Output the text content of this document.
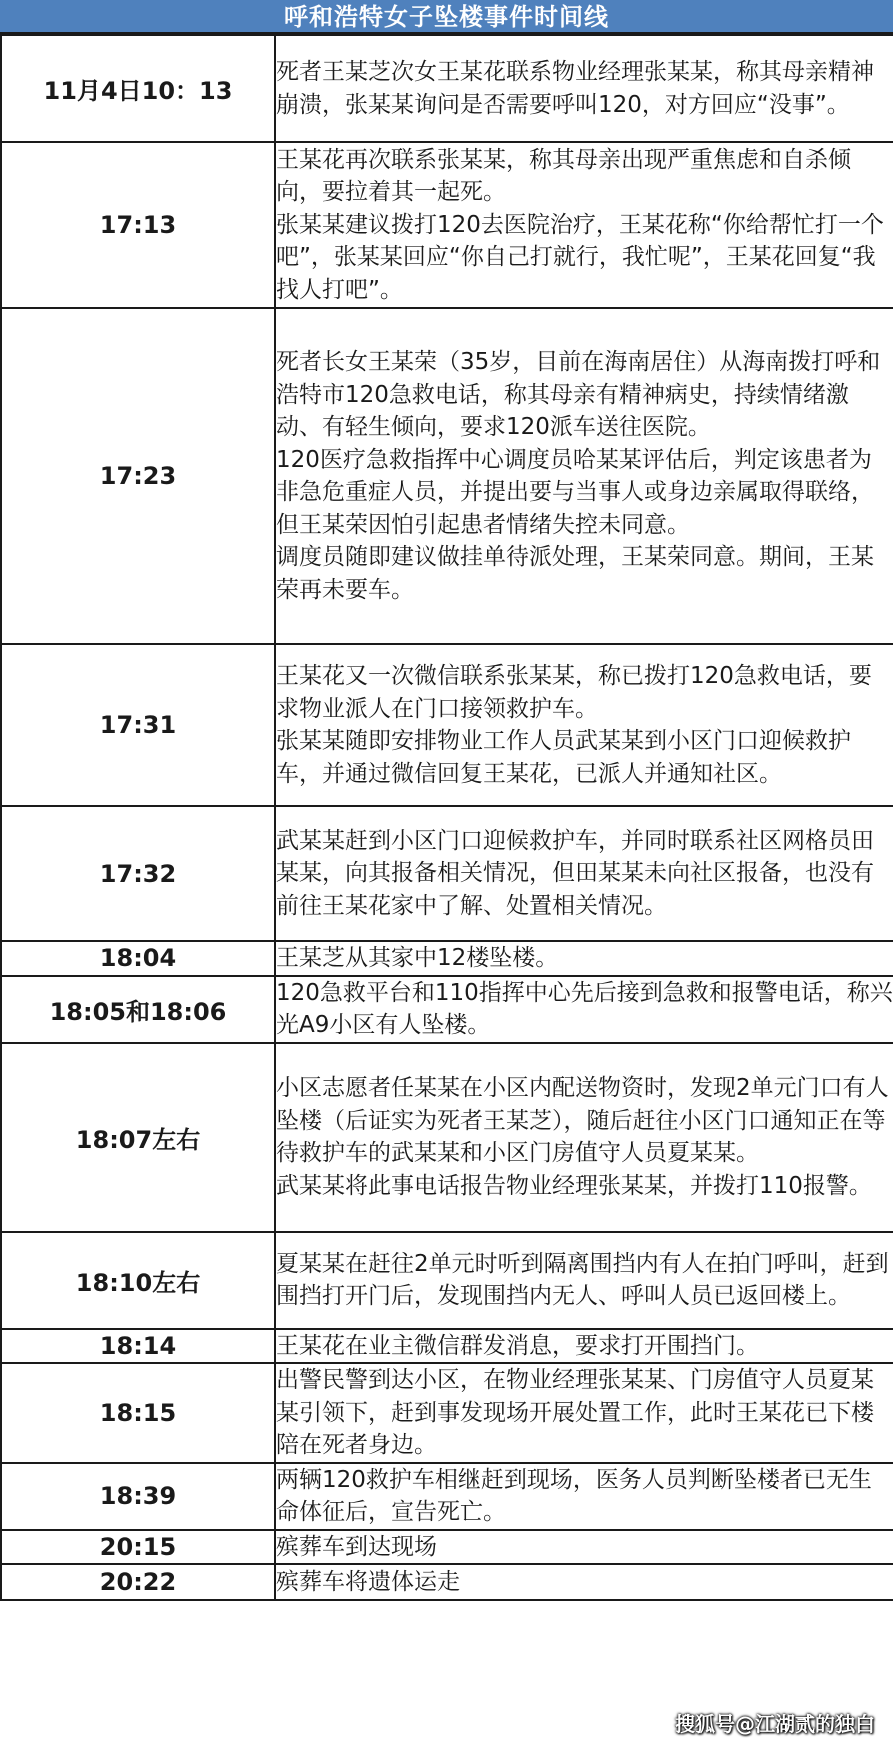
呼和浩特女子坠楼事件时间线
11月4日10：13	死者王某芝次女王某花联系物业经理张某某，称其母亲精神崩溃，张某某询问是否需要呼叫120，对方回应“没事”。

17:13	王某花再次联系张某某，称其母亲出现严重焦虑和自杀倾向，要拉着其一起死。
张某某建议拨打120去医院治疗，王某花称“你给帮忙打一个吧”，张某某回应“你自己打就行，我忙呢”，王某花回复“我找人打吧”。

17:23	死者长女王某荣（35岁，目前在海南居住）从海南拨打呼和浩特市120急救电话，称其母亲有精神病史，持续情绪激动、有轻生倾向，要求120派车送往医院。
120医疗急救指挥中心调度员哈某某评估后，判定该患者为非急危重症人员，并提出要与当事人或身边亲属取得联络，但王某荣因怕引起患者情绪失控未同意。
调度员随即建议做挂单待派处理，王某荣同意。期间，王某荣再未要车。

17:31	王某花又一次微信联系张某某，称已拨打120急救电话，要求物业派人在门口接领救护车。
张某某随即安排物业工作人员武某某到小区门口迎候救护车，并通过微信回复王某花，已派人并通知社区。

17:32	武某某赶到小区门口迎候救护车，并同时联系社区网格员田某某，向其报备相关情况，但田某某未向社区报备，也没有前往王某花家中了解、处置相关情况。

18:04	王某芝从其家中12楼坠楼。

18:05和18:06	120急救平台和110指挥中心先后接到急救和报警电话，称兴光A9小区有人坠楼。

18:07左右	小区志愿者任某某在小区内配送物资时，发现2单元门口有人坠楼（后证实为死者王某芝），随后赶往小区门口通知正在等待救护车的武某某和小区门房值守人员夏某某。
武某某将此事电话报告物业经理张某某，并拨打110报警。

18:10左右	夏某某在赶往2单元时听到隔离围挡内有人在拍门呼叫，赶到围挡打开门后，发现围挡内无人、呼叫人员已返回楼上。

18:14	王某花在业主微信群发消息，要求打开围挡门。

18:15	出警民警到达小区，在物业经理张某某、门房值守人员夏某某引领下，赶到事发现场开展处置工作，此时王某花已下楼陪在死者身边。

18:39	两辆120救护车相继赶到现场，医务人员判断坠楼者已无生命体征后，宣告死亡。

20:15	殡葬车到达现场

20:22	殡葬车将遗体运走
搜狐号@江湖贰的独白
